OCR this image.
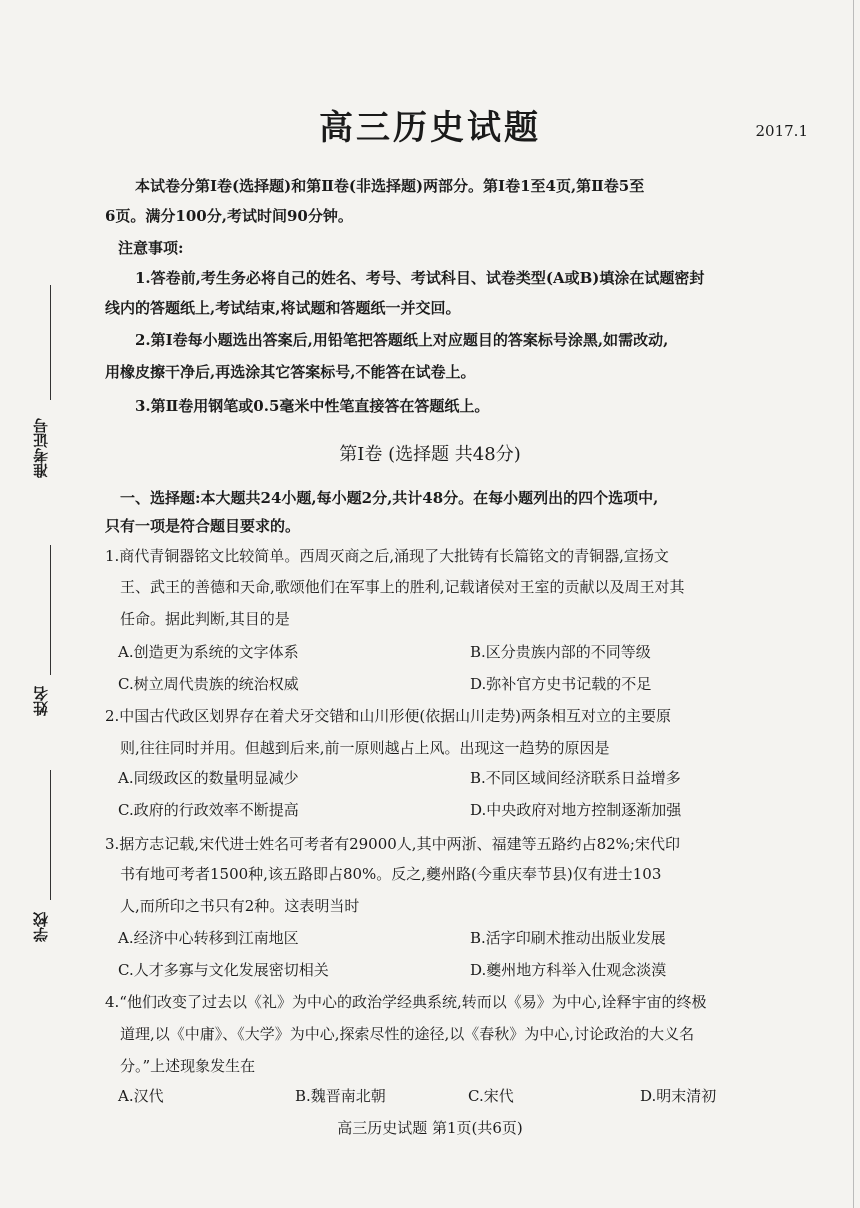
准考证号
姓名
学校
高三历史试题	2017.1
本试卷分第Ⅰ卷(选择题)和第Ⅱ卷(非选择题)两部分。第Ⅰ卷1至4页,第Ⅱ卷5至
6页。满分100分,考试时间90分钟。
注意事项:
1.答卷前,考生务必将自己的姓名、考号、考试科目、试卷类型(A或B)填涂在试题密封
线内的答题纸上,考试结束,将试题和答题纸一并交回。
2.第Ⅰ卷每小题选出答案后,用铅笔把答题纸上对应题目的答案标号涂黑,如需改动,
用橡皮擦干净后,再选涂其它答案标号,不能答在试卷上。
3.第Ⅱ卷用钢笔或0.5毫米中性笔直接答在答题纸上。
第Ⅰ卷 (选择题 共48分)
一、选择题:本大题共24小题,每小题2分,共计48分。在每小题列出的四个选项中,
只有一项是符合题目要求的。
1.商代青铜器铭文比较简单。西周灭商之后,涌现了大批铸有长篇铭文的青铜器,宣扬文
王、武王的善德和天命,歌颂他们在军事上的胜利,记载诸侯对王室的贡献以及周王对其
任命。据此判断,其目的是
A.创造更为系统的文字体系	B.区分贵族内部的不同等级
C.树立周代贵族的统治权威	D.弥补官方史书记载的不足
2.中国古代政区划界存在着犬牙交错和山川形便(依据山川走势)两条相互对立的主要原
则,往往同时并用。但越到后来,前一原则越占上风。出现这一趋势的原因是
A.同级政区的数量明显减少	B.不同区域间经济联系日益增多
C.政府的行政效率不断提高	D.中央政府对地方控制逐渐加强
3.据方志记载,宋代进士姓名可考者有29000人,其中两浙、福建等五路约占82%;宋代印
书有地可考者1500种,该五路即占80%。反之,夔州路(今重庆奉节县)仅有进士103
人,而所印之书只有2种。这表明当时
A.经济中心转移到江南地区	B.活字印刷术推动出版业发展
C.人才多寡与文化发展密切相关	D.夔州地方科举入仕观念淡漠
4.“他们改变了过去以《礼》为中心的政治学经典系统,转而以《易》为中心,诠释宇宙的终极
道理,以《中庸》、《大学》为中心,探索尽性的途径,以《春秋》为中心,讨论政治的大义名
分。”上述现象发生在
A.汉代	B.魏晋南北朝	C.宋代	D.明末清初
高三历史试题 第1页(共6页)
